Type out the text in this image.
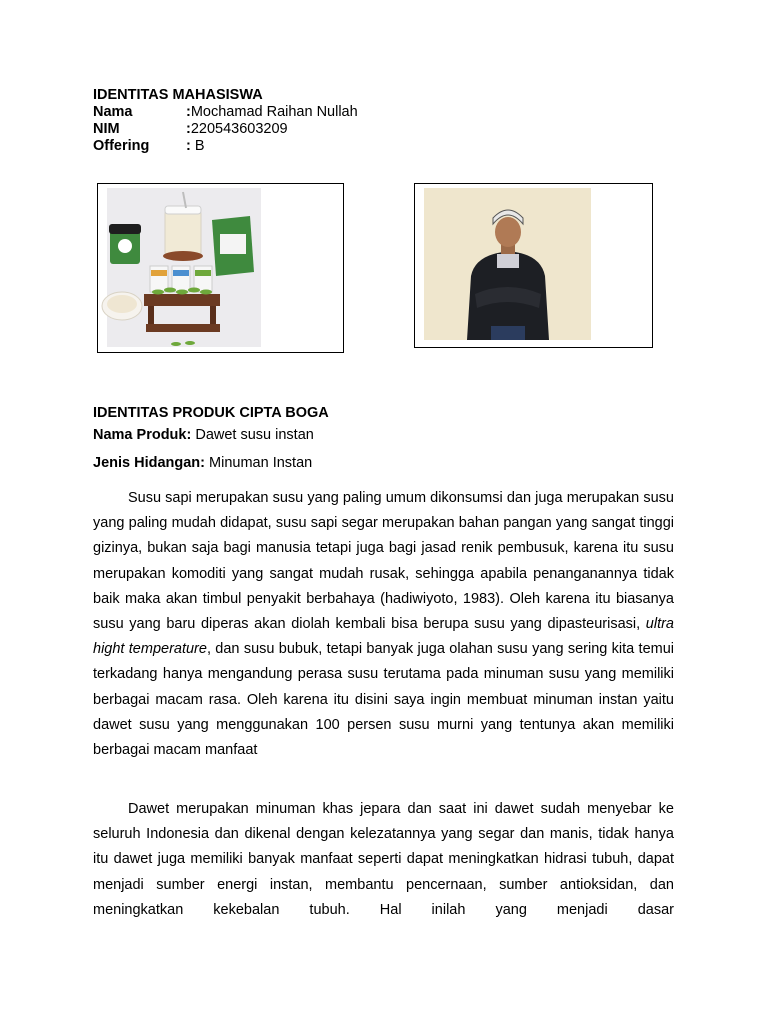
IDENTITAS MAHASISWA
Nama	: Mochamad Raihan Nullah
NIM	: 220543603209
Offering	: B
IDENTITAS PRODUK CIPTA BOGA
Nama Produk: Dawet susu instan
Jenis Hidangan: Minuman Instan

Susu sapi merupakan susu yang paling umum dikonsumsi dan juga merupakan susu yang paling mudah didapat, susu sapi segar merupakan bahan pangan yang sangat tinggi gizinya, bukan saja bagi manusia tetapi juga bagi jasad renik pembusuk, karena itu susu merupakan komoditi yang sangat mudah rusak, sehingga apabila penanganannya tidak baik maka akan timbul penyakit berbahaya (hadiwiyoto, 1983). Oleh karena itu biasanya susu yang baru diperas akan diolah kembali bisa berupa susu yang dipasteurisasi, ultra hight temperature, dan susu bubuk, tetapi banyak juga olahan susu yang sering kita temui terkadang hanya mengandung perasa susu terutama pada minuman susu yang memiliki berbagai macam rasa. Oleh karena itu disini saya ingin membuat minuman instan yaitu dawet susu yang menggunakan 100 persen susu murni yang tentunya akan memiliki berbagai macam manfaat

Dawet merupakan minuman khas jepara dan saat ini dawet sudah menyebar ke seluruh Indonesia dan dikenal dengan kelezatannya yang segar dan manis, tidak hanya itu dawet juga memiliki banyak manfaat seperti dapat meningkatkan hidrasi tubuh, dapat menjadi sumber energi instan, membantu pencernaan, sumber antioksidan, dan meningkatkan kekebalan tubuh. Hal inilah yang menjadi dasar
